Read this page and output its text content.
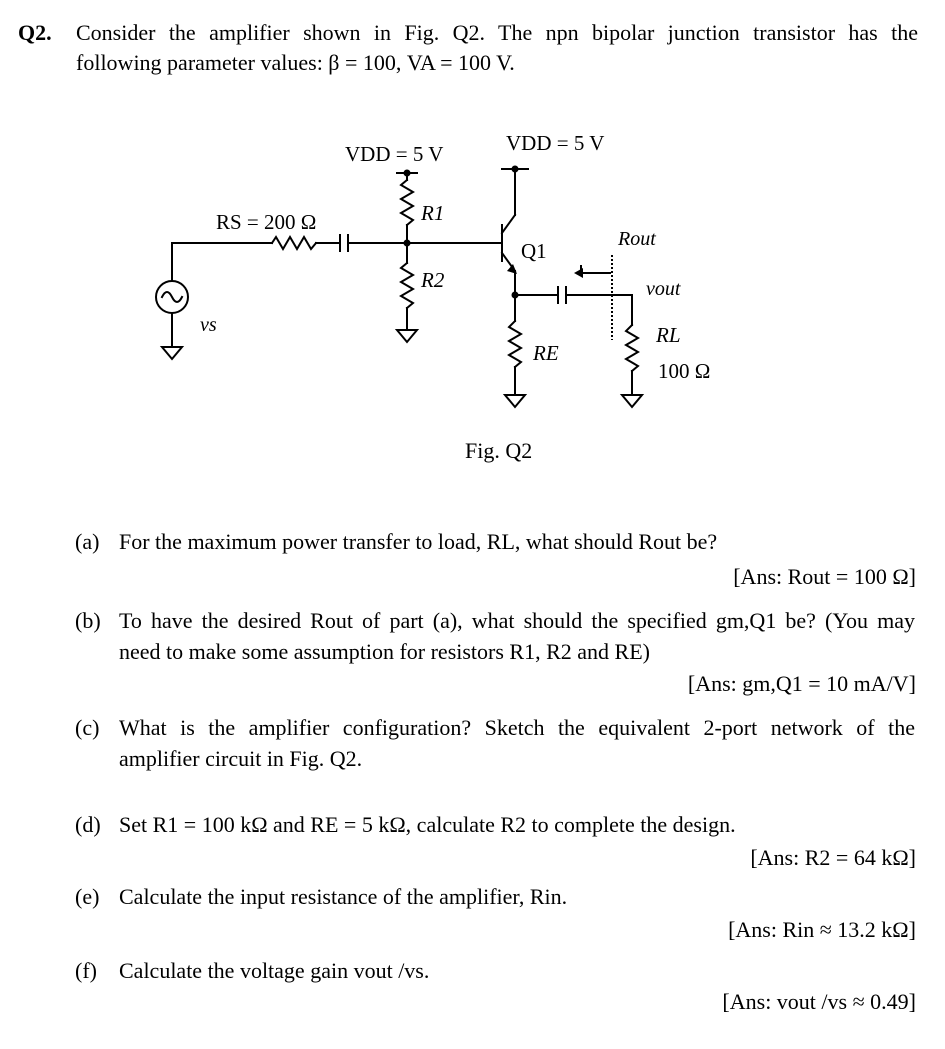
Q2. Consider the amplifier shown in Fig. Q2. The npn bipolar junction transistor has the
following parameter values: β = 100, VA = 100 V.
VDD = 5 V	VDD = 5 V
RS = 200 Ω	R1
R2
Q1
RE
Rout
vout
RL
100 Ω
vs
Fig. Q2
(a) For the maximum power transfer to load, RL, what should Rout be?
[Ans: Rout = 100 Ω]
(b) To have the desired Rout of part (a), what should the specified gm,Q1 be? (You may
need to make some assumption for resistors R1, R2 and RE)
[Ans: gm,Q1 = 10 mA/V]
(c) What is the amplifier configuration? Sketch the equivalent 2-port network of the
amplifier circuit in Fig. Q2.
(d) Set R1 = 100 kΩ and RE = 5 kΩ, calculate R2 to complete the design.
[Ans: R2 = 64 kΩ]
(e) Calculate the input resistance of the amplifier, Rin.
[Ans: Rin ≈ 13.2 kΩ]
(f) Calculate the voltage gain vout /vs.
[Ans: vout /vs ≈ 0.49]
